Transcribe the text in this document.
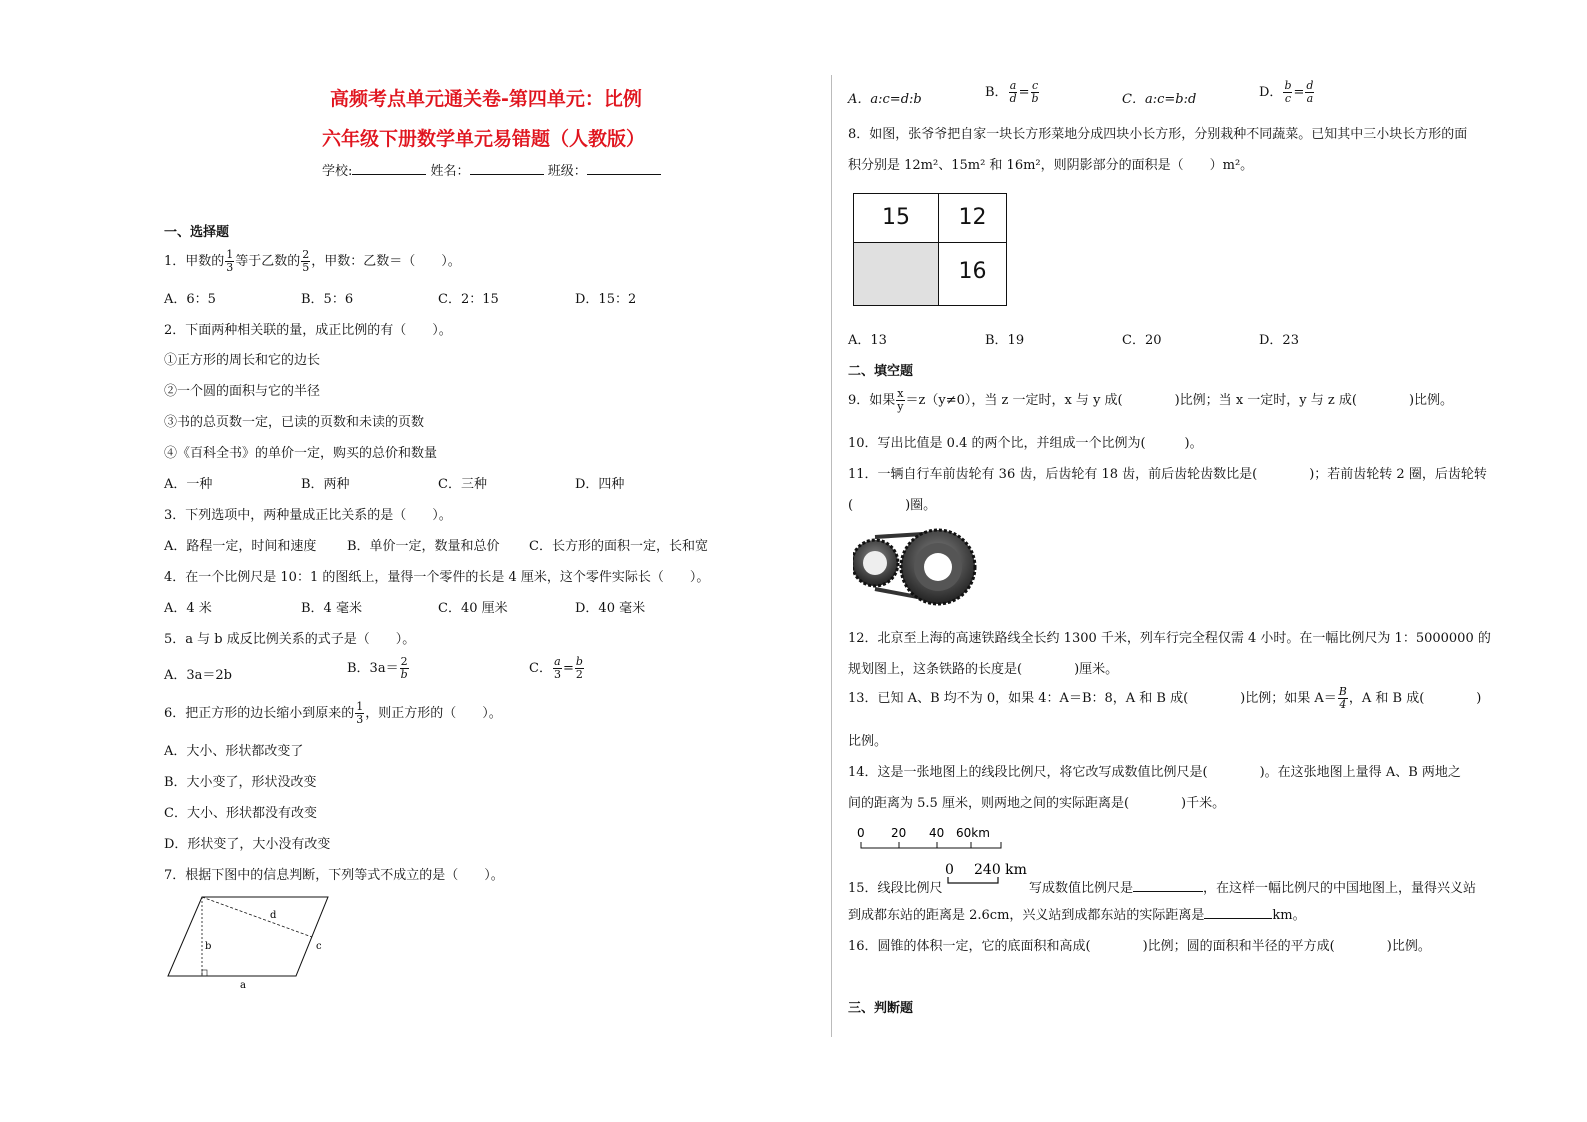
高频考点单元通关卷-第四单元：比例
六年级下册数学单元易错题（人教版）
学校:	姓名：	班级：
一、选择题
1．甲数的 $\frac{1}{3}$ 等于乙数的 $\frac{2}{5}$ ，甲数：乙数＝（　　）。
A．6：5	B．5：6	C．2：15	D．15：2
2．下面两种相关联的量，成正比例的有（　　）。
①正方形的周长和它的边长
②一个圆的面积与它的半径
③书的总页数一定，已读的页数和未读的页数
④《百科全书》的单价一定，购买的总价和数量
A．一种	B．两种	C．三种	D．四种
3．下列选项中，两种量成正比关系的是（　　）。
A．路程一定，时间和速度 B．单价一定，数量和总价 C．长方形的面积一定，长和宽
4．在一个比例尺是 10：1 的图纸上，量得一个零件的长是 4 厘米，这个零件实际长（　　）。
A．4 米	B．4 毫米	C．40 厘米	D．40 毫米
5．a 与 b 成反比例关系的式子是（　　）。
A．3a＝2b	B．$3a= \frac{2}{b}$	C． $\frac{a}{3} = \frac{b}{2}$
6．把正方形的边长缩小到原来的 $\frac{1}{3}$ ，则正方形的（　　）。
A．大小、形状都改变了
B．大小变了，形状没改变
C．大小、形状都没有改变
D．形状变了，大小没有改变
7．根据下图中的信息判断，下列等式不成立的是（　　）。
d
b	c
a
A．a:c=d:b	B． $\frac{a}{d} = \frac{c}{b}$	C．a:c=b:d	D． $\frac{b}{c} = \frac{d}{a}$
8．如图，张爷爷把自家一块长方形菜地分成四块小长方形，分别栽种不同蔬菜。已知其中三小块长方形的面
积分别是 12m²、15m² 和 16m²，则阴影部分的面积是（　　）m²。
15	12
16
A．13	B．19	C．20	D．23
二、填空题
9．如果 $\frac{x}{y} =z(y\ne 0)$，当 z 一定时，x 与 y 成(　　　　)比例；当 x 一定时，y 与 z 成(　　　　)比例。
10．写出比值是 0.4 的两个比，并组成一个比例为(　　　)。
11．一辆自行车前齿轮有 36 齿，后齿轮有 18 齿，前后齿轮齿数比是(　　　　)；若前齿轮转 2 圈，后齿轮转
(　　　　)圈。
12．北京至上海的高速铁路线全长约 1300 千米，列车行完全程仅需 4 小时。在一幅比例尺为 1：5000000 的
规划图上，这条铁路的长度是(　　　　)厘米。
13．已知 A、B 均不为 0，如果 4：A＝B：8，A 和 B 成(　　　　)比例；如果 $A= \frac{B}{4}$ ，A 和 B 成(　　　　)
比例。
14．这是一张地图上的线段比例尺，将它改写成数值比例尺是(　　　　)。在这张地图上量得 A、B 两地之
间的距离为 5.5 厘米，则两地之间的实际距离是(　　　　)千米。
0 20 40 60km
15．线段比例尺
0 240 km
写成数值比例尺是	，在这样一幅比例尺的中国地图上，量得兴义站
到成都东站的距离是 2.6cm，兴义站到成都东站的实际距离是	km。
16．圆锥的体积一定，它的底面积和高成(　　　　)比例；圆的面积和半径的平方成(　　　　)比例。
三、判断题
